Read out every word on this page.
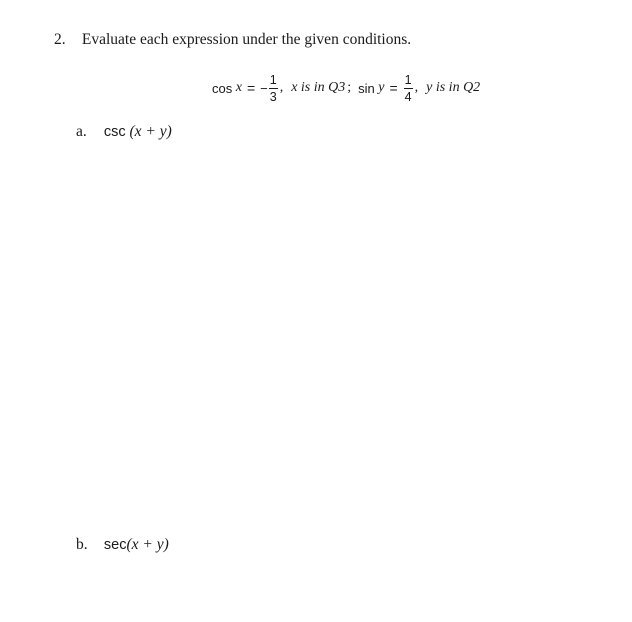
2. Evaluate each expression under the given conditions.
cos
x = − $\frac{1}{3}$ , x is in Q3 ; sin
$y = \frac{1}{4}$ , y is in Q2
a. csc (x + y)
b. sec(x + y)
